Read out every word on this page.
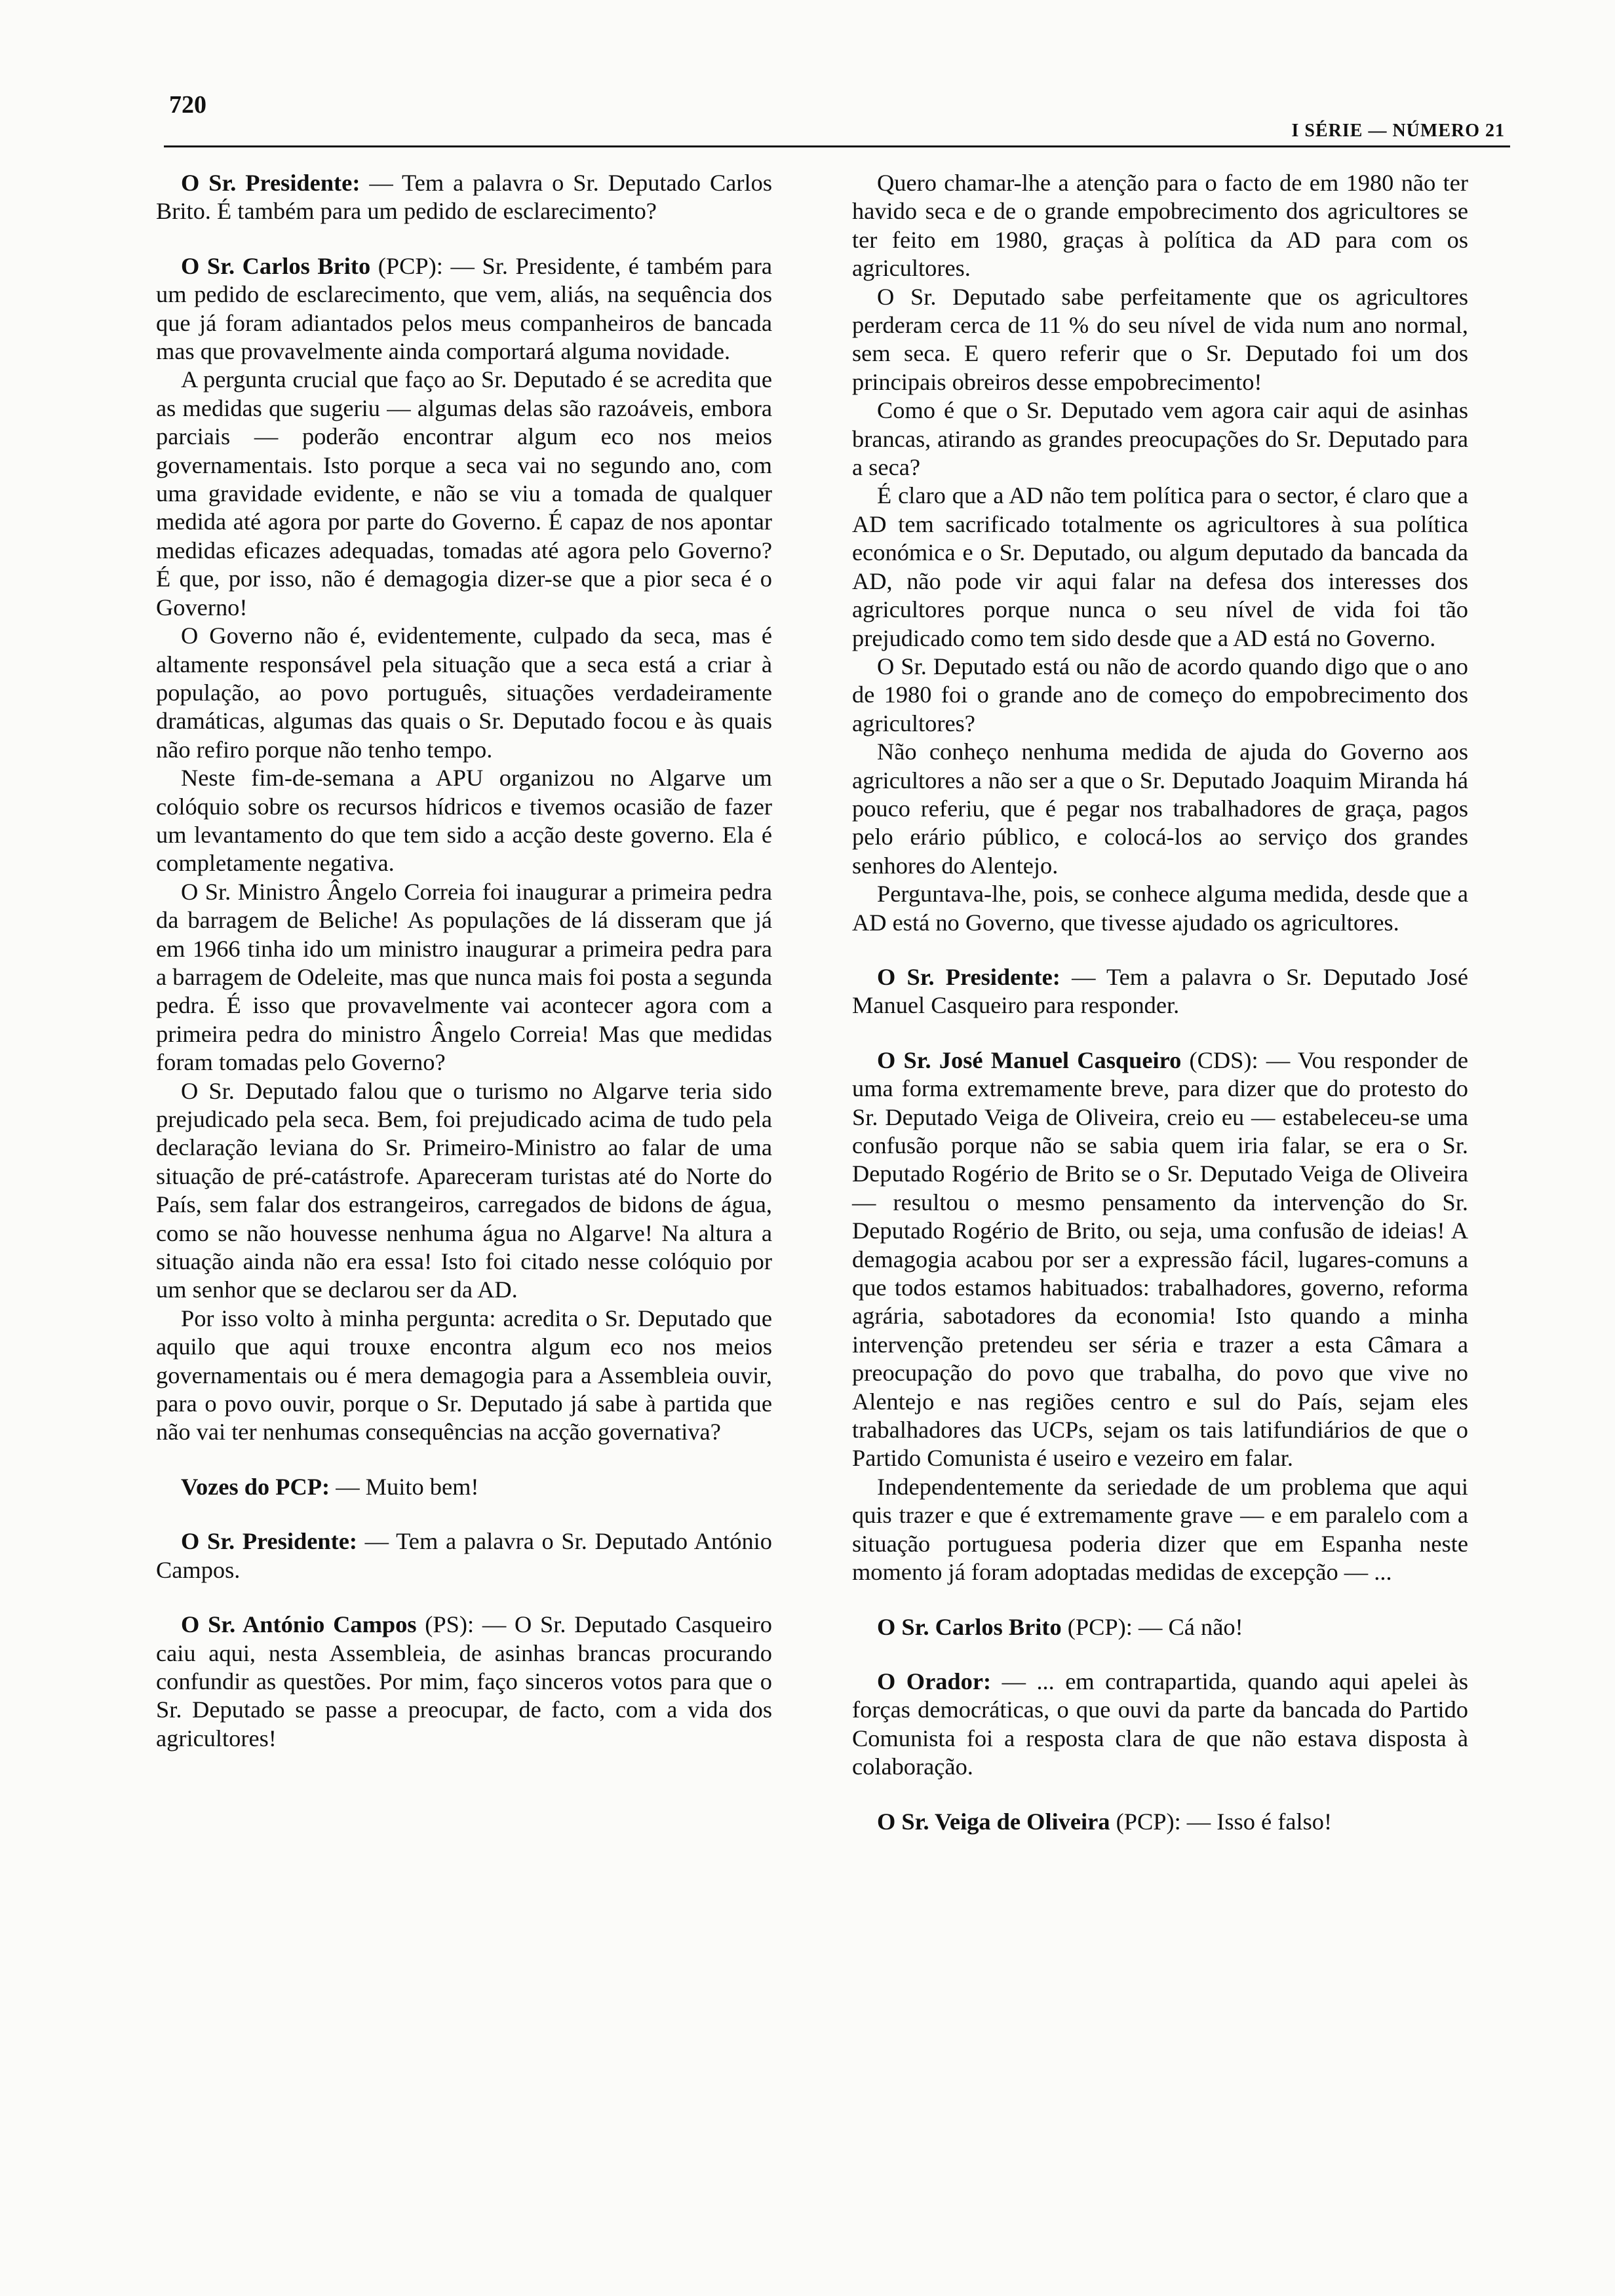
720
I SÉRIE — NÚMERO 21

O Sr. Presidente: — Tem a palavra o Sr. Deputado Carlos Brito. É também para um pedido de esclarecimento?

O Sr. Carlos Brito (PCP): — Sr. Presidente, é também para um pedido de esclarecimento, que vem, aliás, na sequência dos que já foram adiantados pelos meus companheiros de bancada mas que provavelmente ainda comportará alguma novidade.

A pergunta crucial que faço ao Sr. Deputado é se acredita que as medidas que sugeriu — algumas delas são razoáveis, embora parciais — poderão encontrar algum eco nos meios governamentais. Isto porque a seca vai no segundo ano, com uma gravidade evidente, e não se viu a tomada de qualquer medida até agora por parte do Governo. É capaz de nos apontar medidas eficazes adequadas, tomadas até agora pelo Governo? É que, por isso, não é demagogia dizer-se que a pior seca é o Governo!

O Governo não é, evidentemente, culpado da seca, mas é altamente responsável pela situação que a seca está a criar à população, ao povo português, situações verdadeiramente dramáticas, algumas das quais o Sr. Deputado focou e às quais não refiro porque não tenho tempo.

Neste fim-de-semana a APU organizou no Algarve um colóquio sobre os recursos hídricos e tivemos ocasião de fazer um levantamento do que tem sido a acção deste governo. Ela é completamente negativa.

O Sr. Ministro Ângelo Correia foi inaugurar a primeira pedra da barragem de Beliche! As populações de lá disseram que já em 1966 tinha ido um ministro inaugurar a primeira pedra para a barragem de Odeleite, mas que nunca mais foi posta a segunda pedra. É isso que provavelmente vai acontecer agora com a primeira pedra do ministro Ângelo Correia! Mas que medidas foram tomadas pelo Governo?

O Sr. Deputado falou que o turismo no Algarve teria sido prejudicado pela seca. Bem, foi prejudicado acima de tudo pela declaração leviana do Sr. Primeiro-Ministro ao falar de uma situação de pré-catástrofe. Apareceram turistas até do Norte do País, sem falar dos estrangeiros, carregados de bidons de água, como se não houvesse nenhuma água no Algarve! Na altura a situação ainda não era essa! Isto foi citado nesse colóquio por um senhor que se declarou ser da AD.

Por isso volto à minha pergunta: acredita o Sr. Deputado que aquilo que aqui trouxe encontra algum eco nos meios governamentais ou é mera demagogia para a Assembleia ouvir, para o povo ouvir, porque o Sr. Deputado já sabe à partida que não vai ter nenhumas consequências na acção governativa?

Vozes do PCP: — Muito bem!

O Sr. Presidente: — Tem a palavra o Sr. Deputado António Campos.

O Sr. António Campos (PS): — O Sr. Deputado Casqueiro caiu aqui, nesta Assembleia, de asinhas brancas procurando confundir as questões. Por mim, faço sinceros votos para que o Sr. Deputado se passe a preocupar, de facto, com a vida dos agricultores!

Quero chamar-lhe a atenção para o facto de em 1980 não ter havido seca e de o grande empobrecimento dos agricultores se ter feito em 1980, graças à política da AD para com os agricultores.

O Sr. Deputado sabe perfeitamente que os agricultores perderam cerca de 11 % do seu nível de vida num ano normal, sem seca. E quero referir que o Sr. Deputado foi um dos principais obreiros desse empobrecimento!

Como é que o Sr. Deputado vem agora cair aqui de asinhas brancas, atirando as grandes preocupações do Sr. Deputado para a seca?

É claro que a AD não tem política para o sector, é claro que a AD tem sacrificado totalmente os agricultores à sua política económica e o Sr. Deputado, ou algum deputado da bancada da AD, não pode vir aqui falar na defesa dos interesses dos agricultores porque nunca o seu nível de vida foi tão prejudicado como tem sido desde que a AD está no Governo.

O Sr. Deputado está ou não de acordo quando digo que o ano de 1980 foi o grande ano de começo do empobrecimento dos agricultores?

Não conheço nenhuma medida de ajuda do Governo aos agricultores a não ser a que o Sr. Deputado Joaquim Miranda há pouco referiu, que é pegar nos trabalhadores de graça, pagos pelo erário público, e colocá-los ao serviço dos grandes senhores do Alentejo.

Perguntava-lhe, pois, se conhece alguma medida, desde que a AD está no Governo, que tivesse ajudado os agricultores.

O Sr. Presidente: — Tem a palavra o Sr. Deputado José Manuel Casqueiro para responder.

O Sr. José Manuel Casqueiro (CDS): — Vou responder de uma forma extremamente breve, para dizer que do protesto do Sr. Deputado Veiga de Oliveira, creio eu — estabeleceu-se uma confusão porque não se sabia quem iria falar, se era o Sr. Deputado Rogério de Brito se o Sr. Deputado Veiga de Oliveira — resultou o mesmo pensamento da intervenção do Sr. Deputado Rogério de Brito, ou seja, uma confusão de ideias! A demagogia acabou por ser a expressão fácil, lugares-comuns a que todos estamos habituados: trabalhadores, governo, reforma agrária, sabotadores da economia! Isto quando a minha intervenção pretendeu ser séria e trazer a esta Câmara a preocupação do povo que trabalha, do povo que vive no Alentejo e nas regiões centro e sul do País, sejam eles trabalhadores das UCPs, sejam os tais latifundiários de que o Partido Comunista é useiro e vezeiro em falar.

Independentemente da seriedade de um problema que aqui quis trazer e que é extremamente grave — e em paralelo com a situação portuguesa poderia dizer que em Espanha neste momento já foram adoptadas medidas de excepção — ...

O Sr. Carlos Brito (PCP): — Cá não!

O Orador: — ... em contrapartida, quando aqui apelei às forças democráticas, o que ouvi da parte da bancada do Partido Comunista foi a resposta clara de que não estava disposta à colaboração.

O Sr. Veiga de Oliveira (PCP): — Isso é falso!
